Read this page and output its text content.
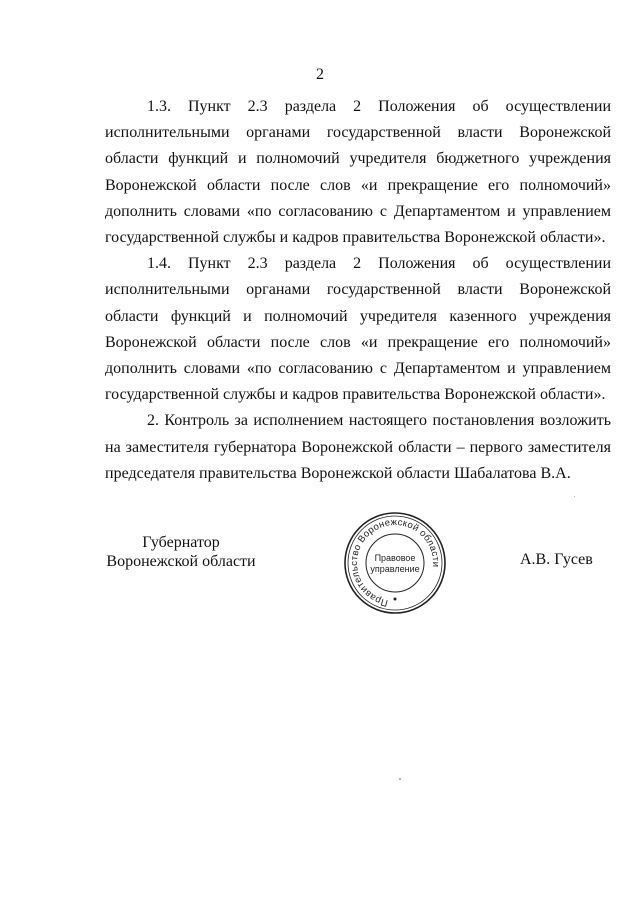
2

1.3. Пункт 2.3 раздела 2 Положения об осуществлении исполнительными органами государственной власти Воронежской области функций и полномочий учредителя бюджетного учреждения Воронежской области после слов «и прекращение его полномочий» дополнить словами «по согласованию с Департаментом и управлением государственной службы и кадров правительства Воронежской области».

1.4. Пункт 2.3 раздела 2 Положения об осуществлении исполнительными органами государственной власти Воронежской области функций и полномочий учредителя казенного учреждения Воронежской области после слов «и прекращение его полномочий» дополнить словами «по согласованию с Департаментом и управлением государственной службы и кадров правительства Воронежской области».

2. Контроль за исполнением настоящего постановления возложить на заместителя губернатора Воронежской области – первого заместителя председателя правительства Воронежской области Шабалатова В.А.

Губернатор
Воронежской области
Правительство Воронежской области
Правовое
управление
А.В. Гусев
